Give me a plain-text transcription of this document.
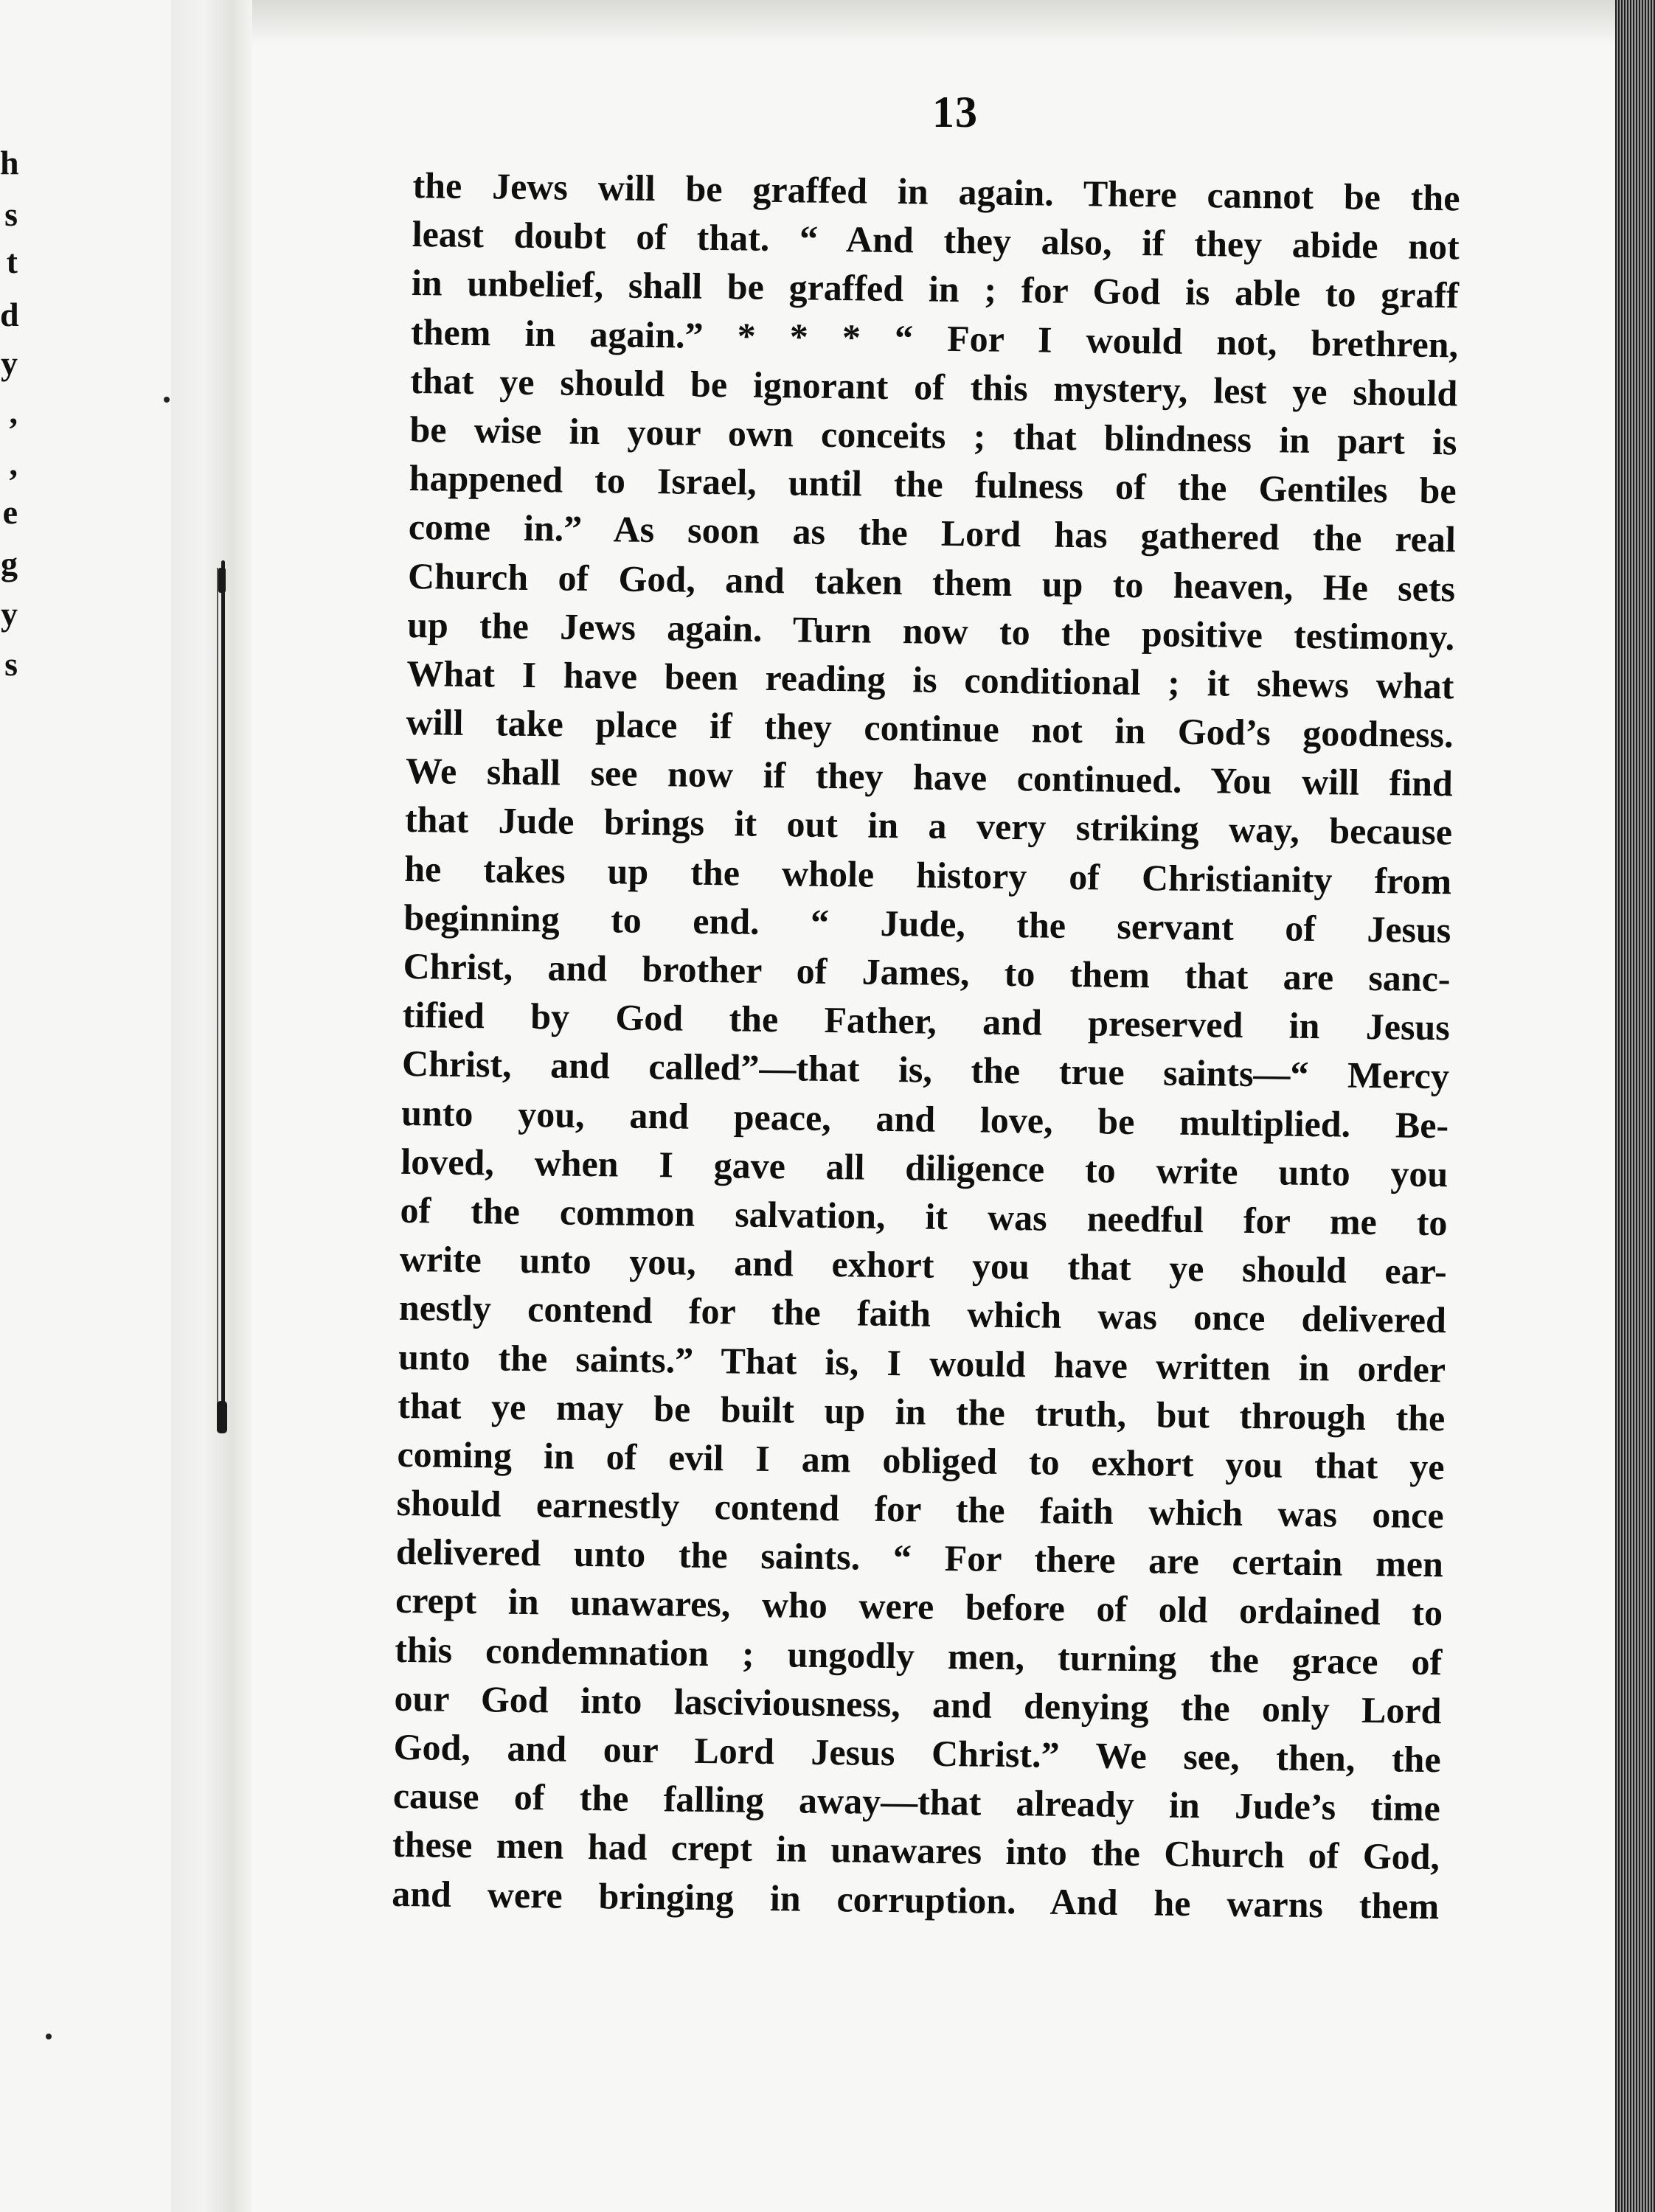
h
s
t
d
y
,
,
e
g
y
s
13
the Jews will be graffed in again. There cannot be the
least doubt of that. “ And they also, if they abide not
in unbelief, shall be graffed in ; for God is able to graff
them in again.” * * * “ For I would not, brethren,
that ye should be ignorant of this mystery, lest ye should
be wise in your own conceits ; that blindness in part is
happened to Israel, until the fulness of the Gentiles be
come in.” As soon as the Lord has gathered the real
Church of God, and taken them up to heaven, He sets
up the Jews again. Turn now to the positive testimony.
What I have been reading is conditional ; it shews what
will take place if they continue not in God’s goodness.
We shall see now if they have continued. You will find
that Jude brings it out in a very striking way, because
he takes up the whole history of Christianity from
beginning to end. “ Jude, the servant of Jesus
Christ, and brother of James, to them that are sanc-
tified by God the Father, and preserved in Jesus
Christ, and called”—that is, the true saints—“ Mercy
unto you, and peace, and love, be multiplied. Be-
loved, when I gave all diligence to write unto you
of the common salvation, it was needful for me to
write unto you, and exhort you that ye should ear-
nestly contend for the faith which was once delivered
unto the saints.” That is, I would have written in order
that ye may be built up in the truth, but through the
coming in of evil I am obliged to exhort you that ye
should earnestly contend for the faith which was once
delivered unto the saints. “ For there are certain men
crept in unawares, who were before of old ordained to
this condemnation ; ungodly men, turning the grace of
our God into lasciviousness, and denying the only Lord
God, and our Lord Jesus Christ.” We see, then, the
cause of the falling away—that already in Jude’s time
these men had crept in unawares into the Church of God,
and were bringing in corruption. And he warns them
